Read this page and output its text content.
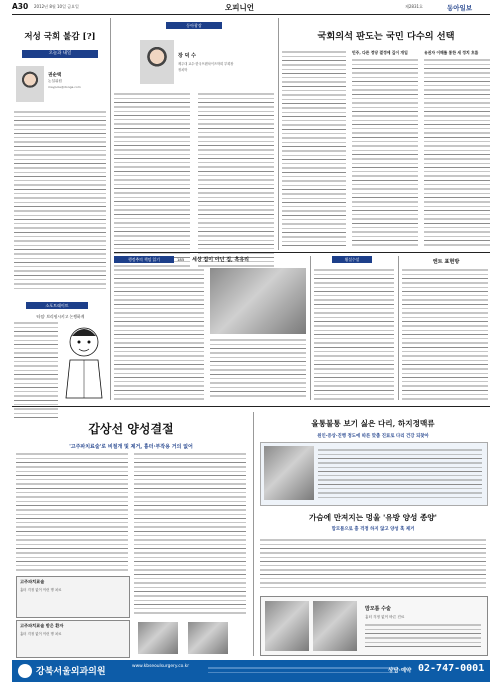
A30 2012년 8월 10일 금요일	오피니언	제2831호	동아일보
저성 국회 불감 [?]
오늘과 내일
권순택
논설위원
maypole@donga.com
소포트래이트
'타임' 브리핑시키고 논쟁하게
동아광장
장 덕 수
제주대 교수·한국프랜차이즈학회 부회장
정치학
국회의석 판도는 국민 다수의 선택
민주, 다른 정당 결정에 깊이 개입	유권자 이해를 통한 새 정치 흐름
행정추의 책임 읽기	185 세상 집이 아닌 집, 흑유리	횡설수설	엔트 표현방
갑상선 양성결절
'고주파치료술'로 비절개 및 제거, 흉터·부작용 거의 없어
고주파치료술
흉터 걱정 없이 이런 병 치료
고주파치료술 받은 환자
흉터 걱정 없이 이런 병 치료
올통불통 보기 싫은 다리, 하지정맥류
원인·증상·진행 정도에 따른 맞춤 진료로 다리 건강 되찾아
가슴에 만져지는 멍울 '유방 양성 종양'
맘모톰으로 흉 걱정 하지 않고 양성 혹 제거
맘모톰 수술
흉터 걱정 없이 바른 진료
강북서울외과의원
www.kbseoulsurgery.co.kr
상담·예약 02-747-0001
